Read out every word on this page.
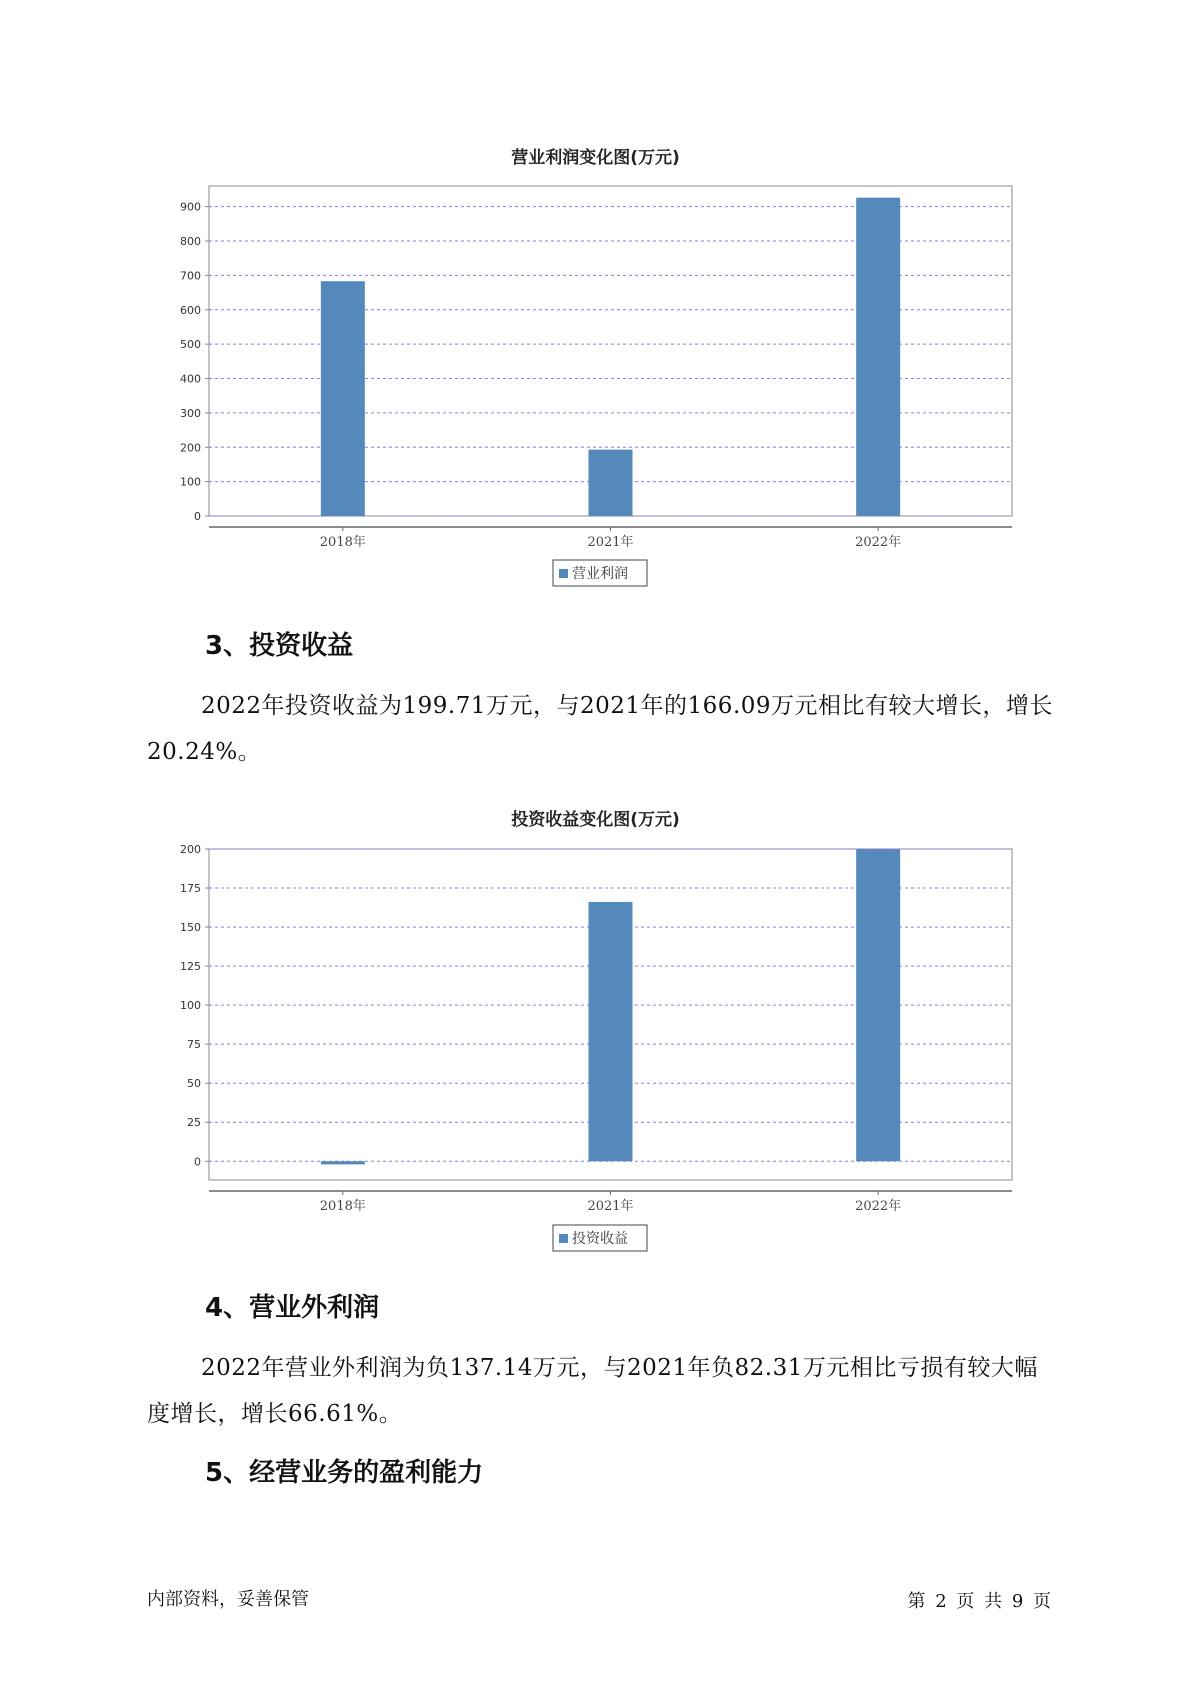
营业利润变化图(万元)
0
100
200
300
400
500
600
700
800
900
2018年	2021年	2022年
营业利润
3、投资收益

2022年投资收益为199.71万元，与2021年的166.09万元相比有较大增长，增长20.24%。

投资收益变化图(万元)
0
25
50
75
100
125
150
175
200
2018年	2021年	2022年
投资收益
4、营业外利润

2022年营业外利润为负137.14万元，与2021年负82.31万元相比亏损有较大幅度增长，增长66.61%。

5、经营业务的盈利能力
内部资料，妥善保管	第 2 页 共 9 页
